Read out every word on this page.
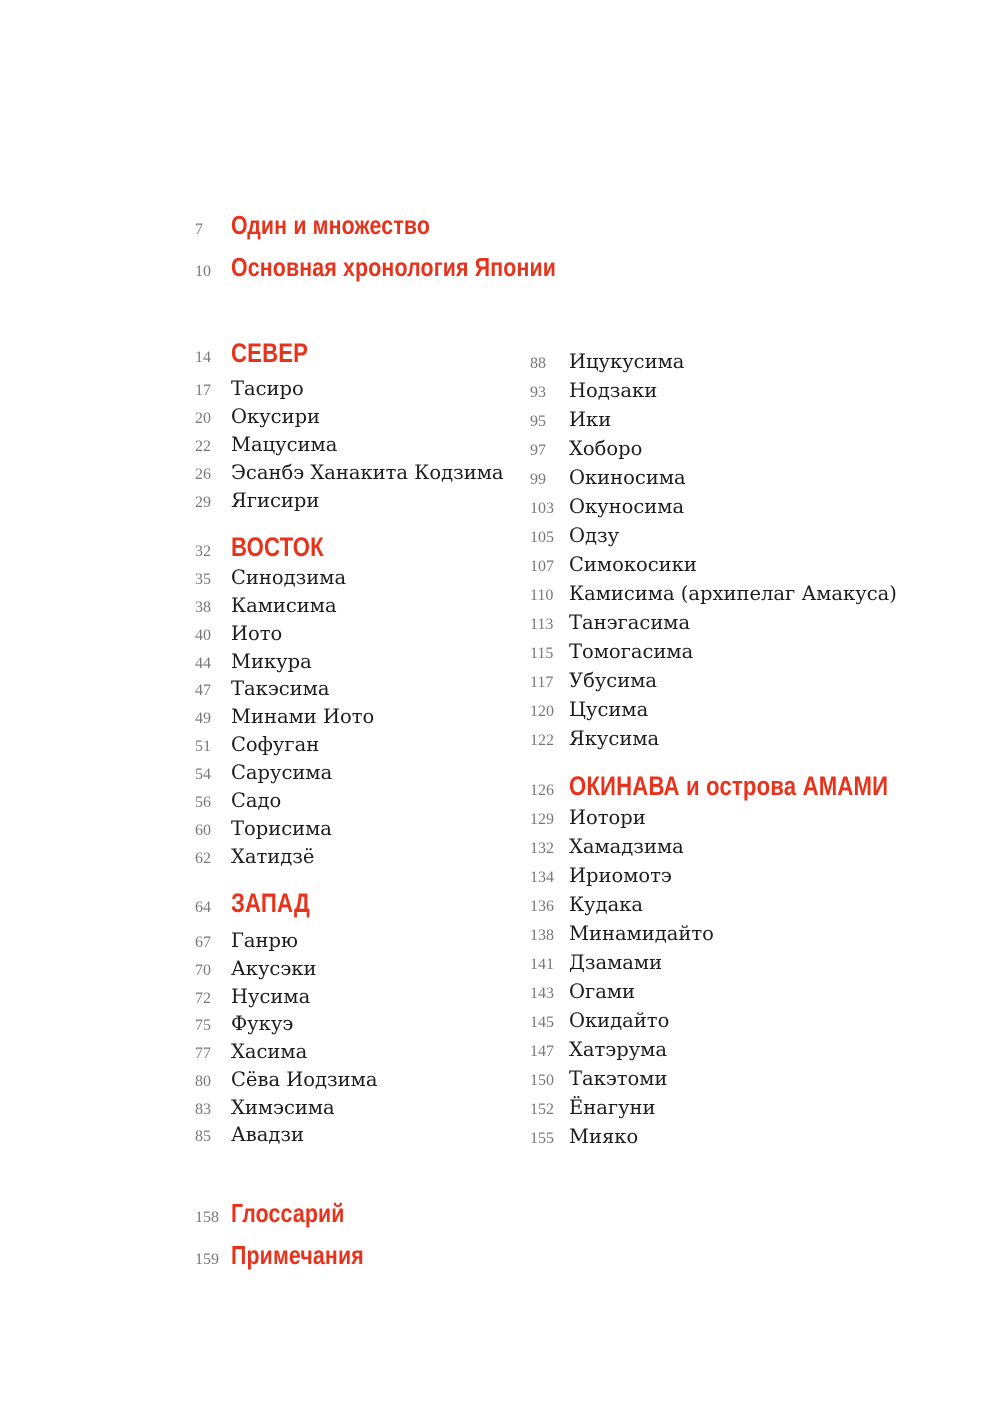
7	Один и множество
10 Основная хронология Японии
14 СЕВЕР
17	Тасиро
20	Окусири
22	Мацусима
26	Эсанбэ Ханакита Кодзима
29	Ягисири
32 ВОСТОК
35	Синодзима
38	Камисима
40	Иото
44	Микура
47	Такэсима
49	Минами Иото
51	Софуган
54	Сарусима
56	Садо
60	Торисима
62	Хатидзё
64 ЗАПАД
67	Ганрю
70	Акусэки
72	Нусима
75	Фукуэ
77	Хасима
80	Сёва Иодзима
83	Химэсима
85	Авадзи
88	Ицукусима
93	Нодзаки
95	Ики
97	Хоборо
99	Окиносима
103 Окуносима
105 Одзу
107 Симокосики
110 Камисима (архипелаг Амакуса)
113 Танэгасима
115 Томогасима
117 Убусима
120 Цусима
122 Якусима
126 ОКИНАВА и острова АМАМИ
129 Иотори
132 Хамадзима
134 Ириомотэ
136 Кудака
138 Минамидайто
141 Дзамами
143 Огами
145 Окидайто
147 Хатэрума
150 Такэтоми
152 Ёнагуни
155 Мияко
158 Глоссарий
159 Примечания
